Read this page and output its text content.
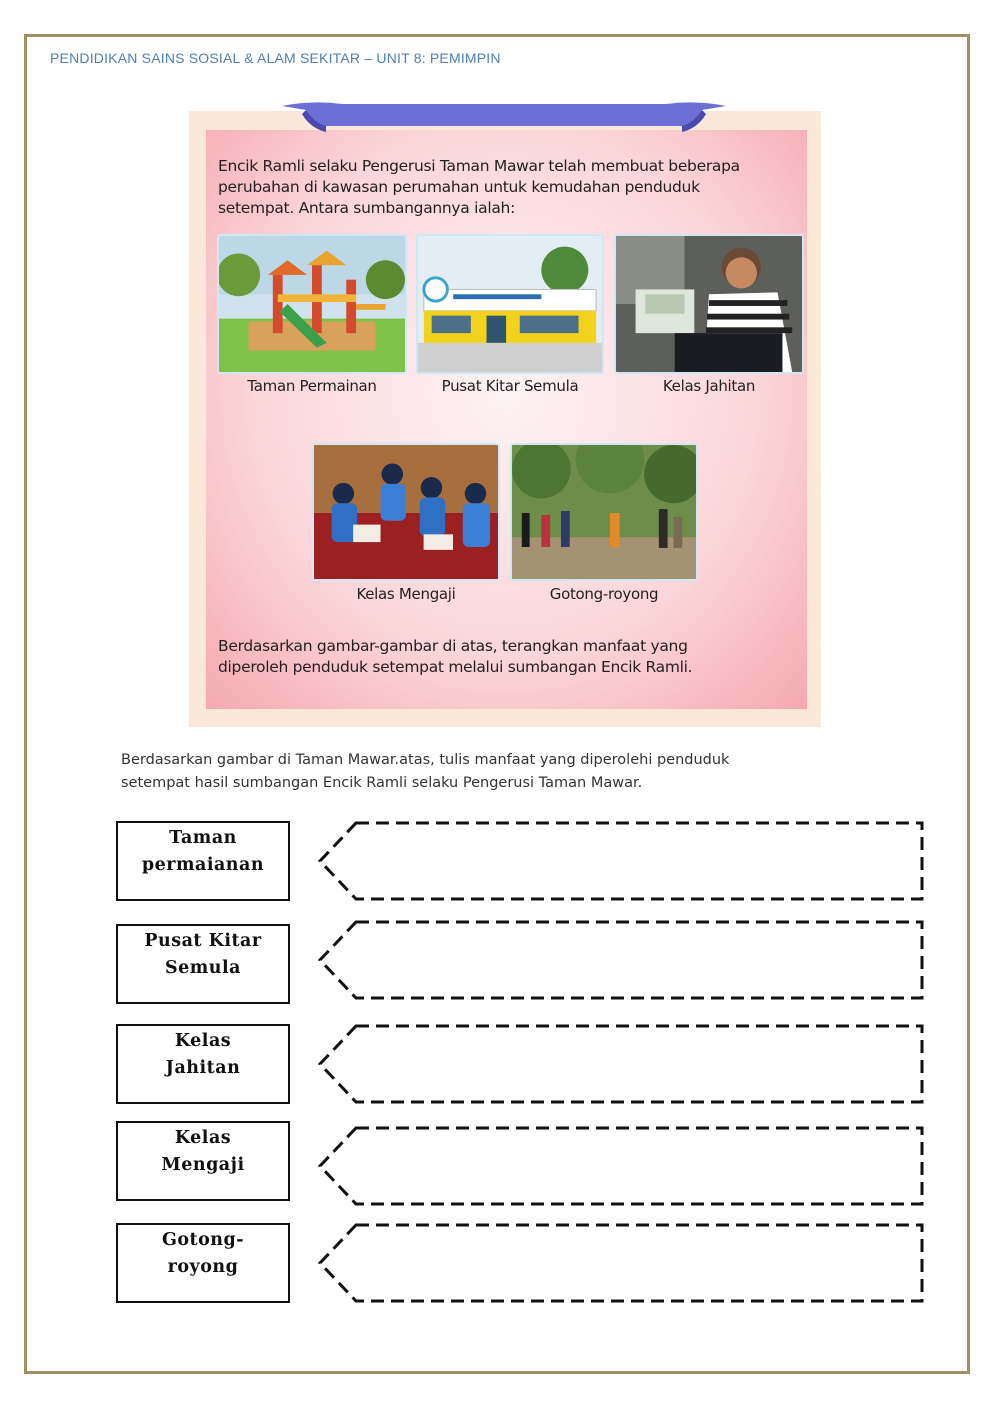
PENDIDIKAN SAINS SOSIAL & ALAM SEKITAR – UNIT 8: PEMIMPIN
Encik Ramli selaku Pengerusi Taman Mawar telah membuat beberapa
perubahan di kawasan perumahan untuk kemudahan penduduk
setempat. Antara sumbangannya ialah:
Taman Permainan	Pusat Kitar Semula	Kelas Jahitan
Kelas Mengaji	Gotong-royong
Berdasarkan gambar-gambar di atas, terangkan manfaat yang
diperoleh penduduk setempat melalui sumbangan Encik Ramli.
Berdasarkan gambar di Taman Mawar.atas, tulis manfaat yang diperolehi penduduk
setempat hasil sumbangan Encik Ramli selaku Pengerusi Taman Mawar.
Taman
permaianan
Pusat Kitar
Semula
Kelas
Jahitan
Kelas
Mengaji
Gotong-
royong
